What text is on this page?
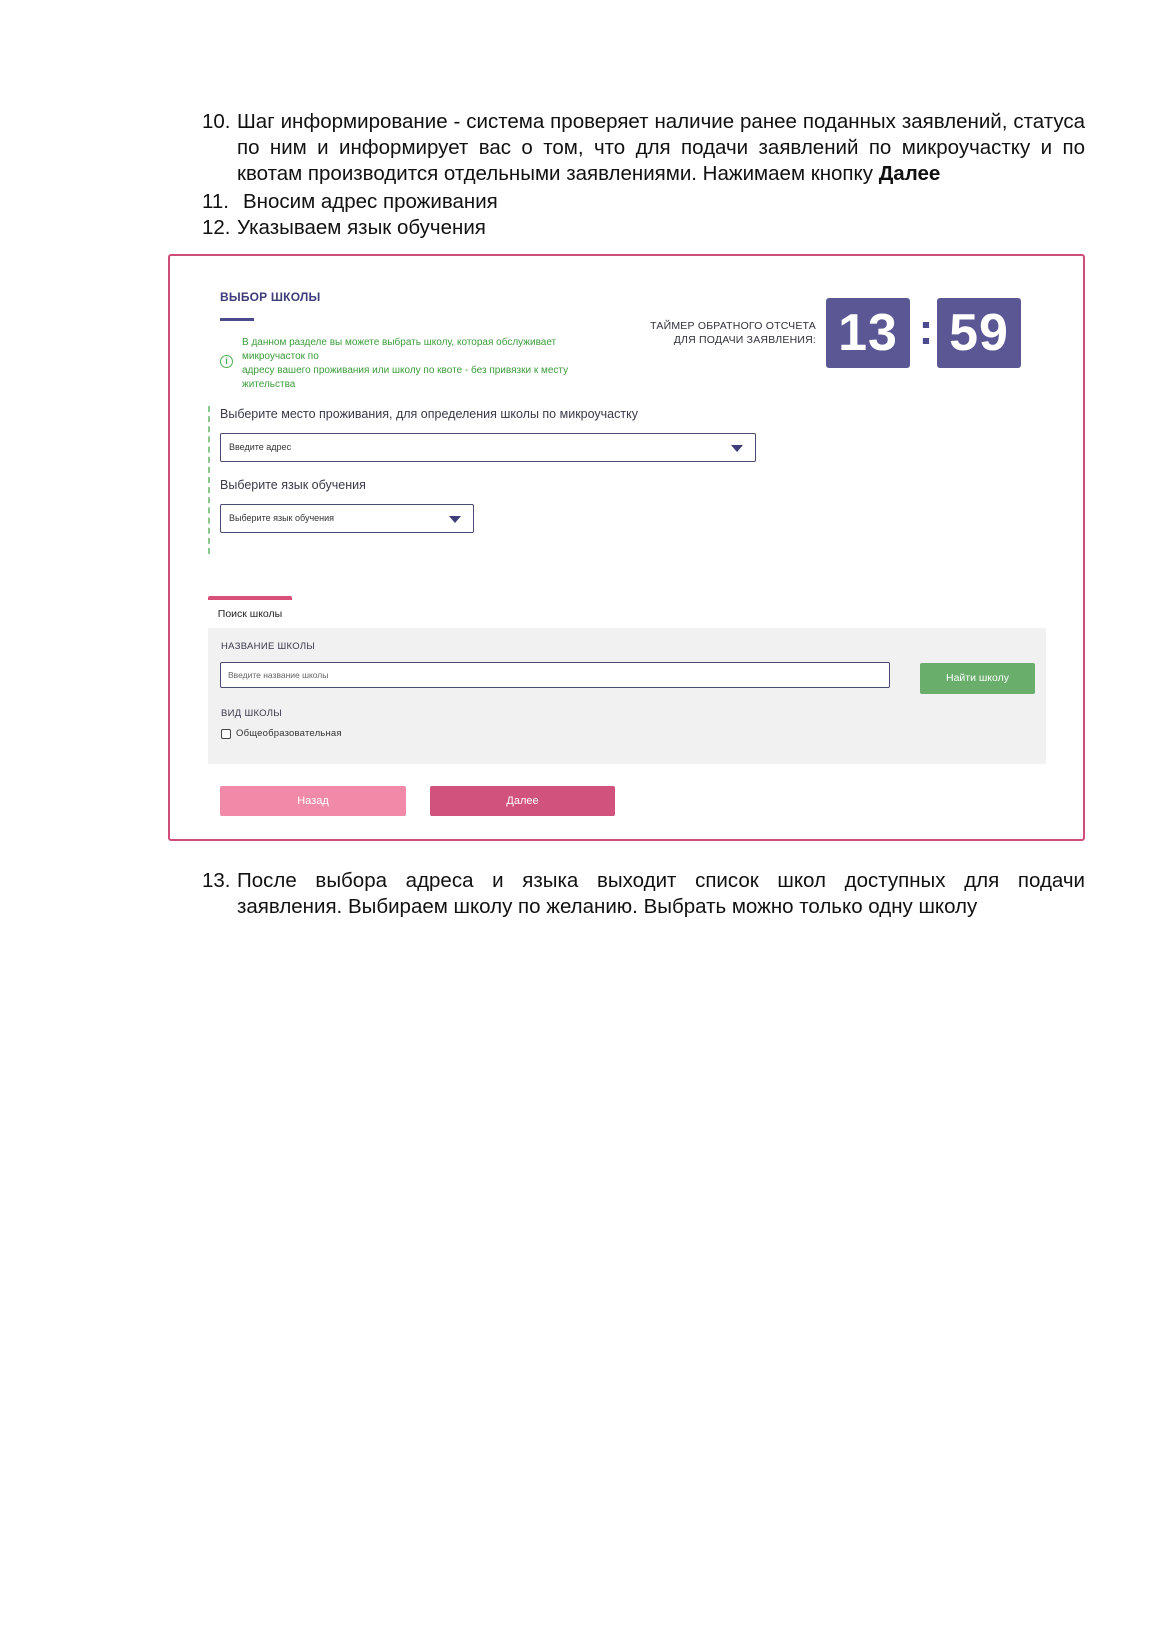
10. Шаг информирование - система проверяет наличие ранее поданных заявлений, статуса по ним и информирует вас о том, что для подачи заявлений по микроучастку и по квотам производится отдельными заявлениями. Нажимаем кнопку Далее
11. Вносим адрес проживания
12. Указываем язык обучения
ВЫБОР ШКОЛЫ
i
В данном разделе вы можете выбрать школу, которая обслуживает
микроучасток по
адресу вашего проживания или школу по квоте - без привязки к месту
жительства
ТАЙМЕР ОБРАТНОГО ОТСЧЕТА
ДЛЯ ПОДАЧИ ЗАЯВЛЕНИЯ: 13 : 59
Выберите место проживания, для определения школы по микроучастку
Введите адрес
Выберите язык обучения
Выберите язык обучения
Поиск школы
НАЗВАНИЕ ШКОЛЫ
Введите название школы	Найти школу
ВИД ШКОЛЫ
Общеобразовательная
Назад	Далее
13. После выбора адреса и языка выходит список школ доступных для подачи
заявления. Выбираем школу по желанию. Выбрать можно только одну школу
